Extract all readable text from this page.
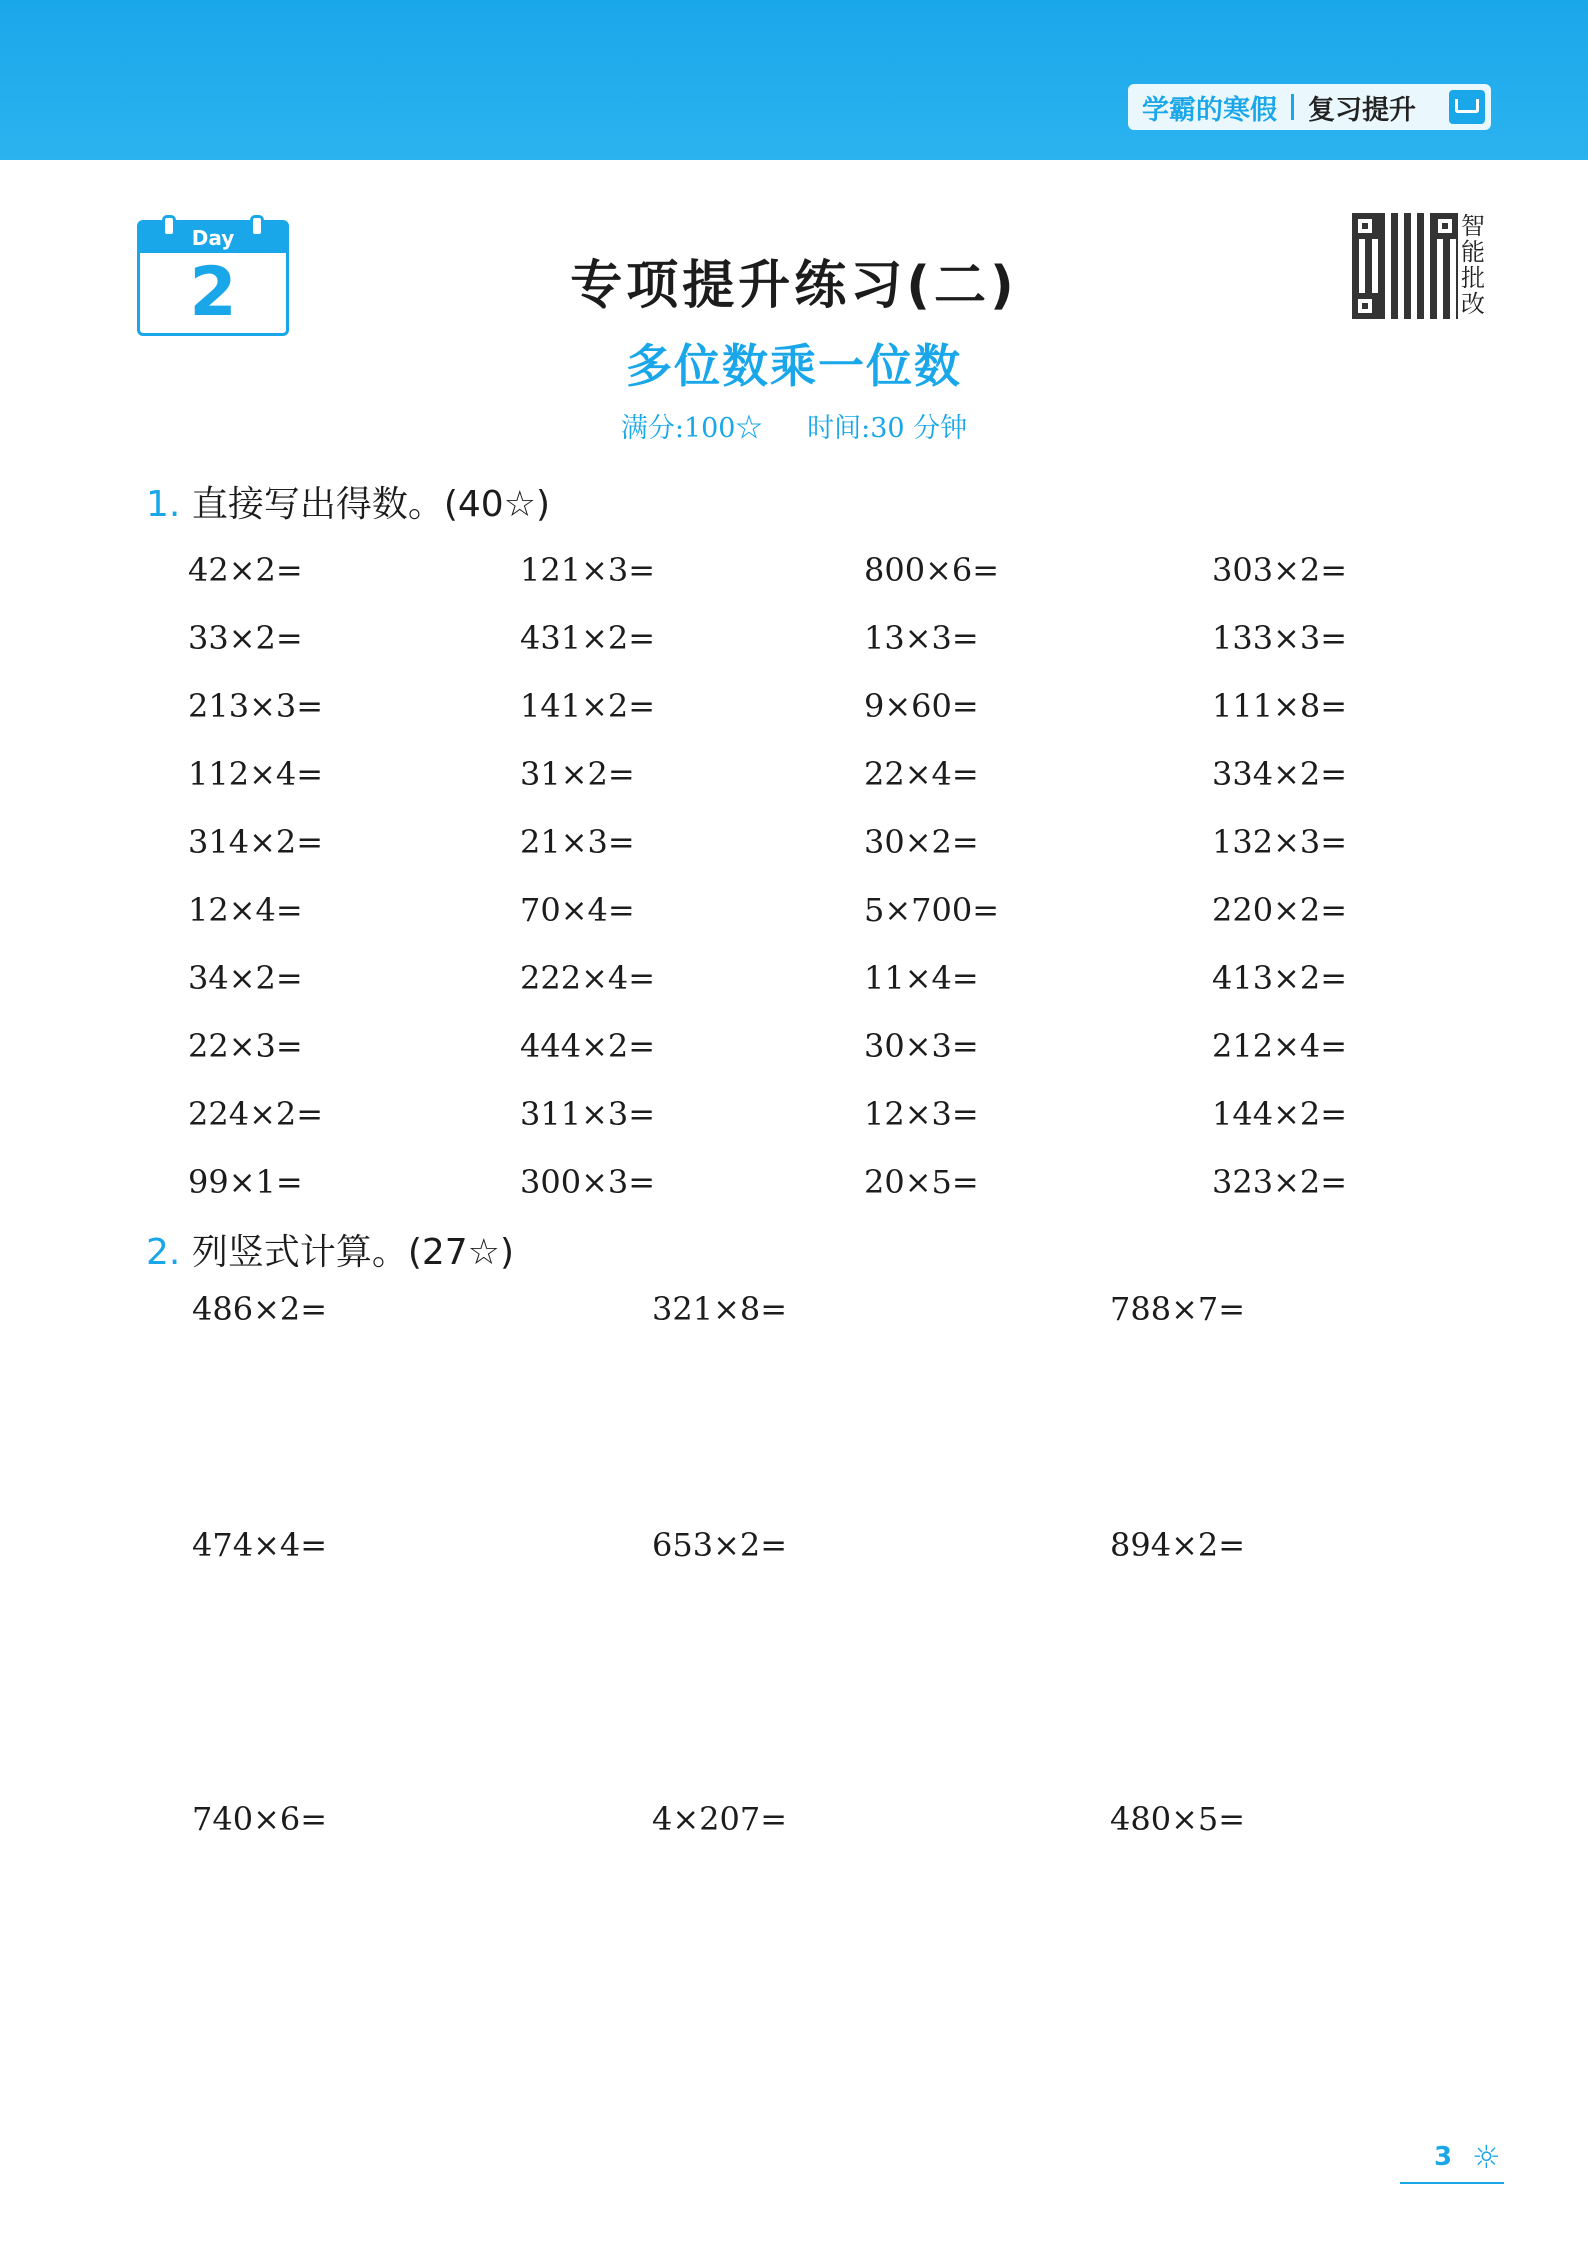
学霸的寒假 复习提升
Day
2	专项提升练习(二)
多位数乘一位数
满分:100☆ 时间:30 分钟
智能批改
1. 直接写出得数。(40☆)
42×2=	121×3=	800×6=	303×2=
33×2=	431×2=	13×3=	133×3=
213×3=	141×2=	9×60=	111×8=
112×4=	31×2=	22×4=	334×2=
314×2=	21×3=	30×2=	132×3=
12×4=	70×4=	5×700=	220×2=
34×2=	222×4=	11×4=	413×2=
22×3=	444×2=	30×3=	212×4=
224×2=	311×3=	12×3=	144×2=
99×1=	300×3=	20×5=	323×2=
2. 列竖式计算。(27☆)
486×2=	321×8=	788×7=
474×4=	653×2=	894×2=
740×6=	4×207=	480×5=
3 ☼
